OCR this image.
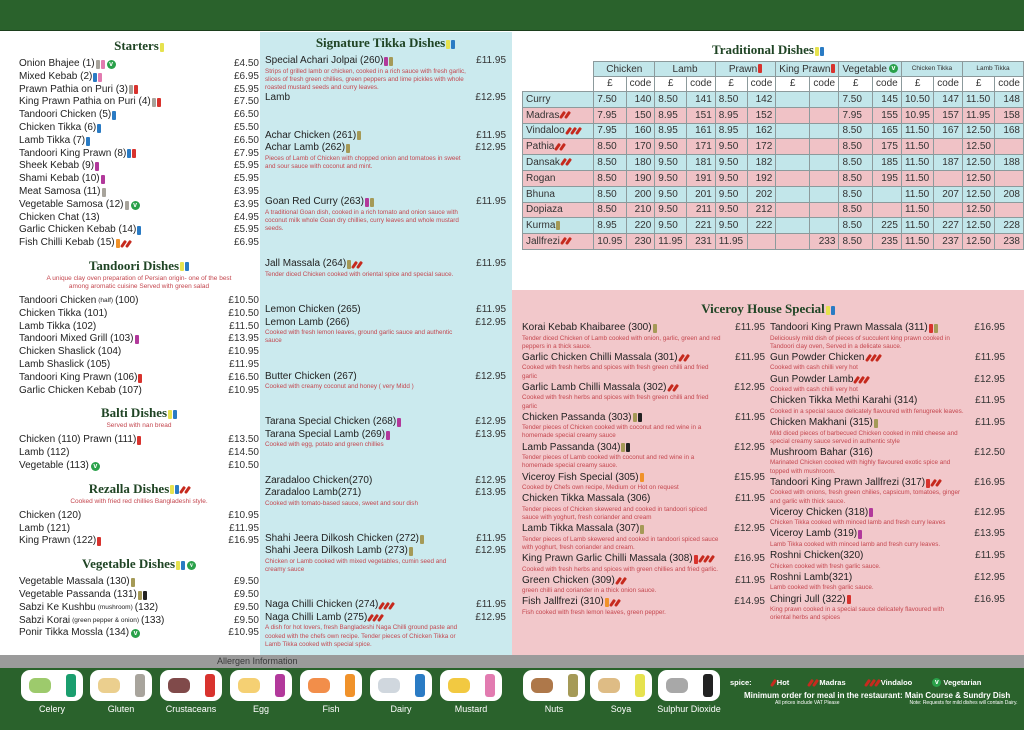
Starters
Onion Bhajee (1) v	£4.50
Mixed Kebab (2)	£6.95
Prawn Pathia on Puri (3)	£5.95
King Prawn Pathia on Puri (4)	£7.50
Tandoori Chicken (5)	£6.50
Chicken Tikka (6)	£5.50
Lamb Tikka (7)	£6.50
Tandoori King Prawn (8)	£7.95
Sheek Kebab (9)	£5.95
Shami Kebab (10)	£5.95
Meat Samosa (11)	£3.95
Vegetable Samosa (12) v	£3.95
Chicken Chat (13)	£4.95
Garlic Chicken Kebab (14)	£5.95
Fish Chilli Kebab (15)	£6.95
Tandoori Dishes
A unique clay oven preparation of Persian origin- one of the best among aromatic cuisine Served with green salad
Tandoori Chicken (half) (100)	£10.50
Chicken Tikka (101)	£10.50
Lamb Tikka (102)	£11.50
Tandoori Mixed Grill (103)	£13.95
Chicken Shaslick (104)	£10.95
Lamb Shaslick (105)	£11.95
Tandoori King Prawn (106)	£16.50
Garlic Chicken Kebab (107)	£10.95
Balti Dishes
Served with nan bread
Chicken (110) Prawn (111)	£13.50
Lamb (112)	£14.50
Vegetable (113) v	£10.50
Rezalla Dishes
Cooked with fried red chillies Bangladeshi style.
Chicken (120)	£10.95
Lamb (121)	£11.95
King Prawn (122)	£16.95
Vegetable Dishesv
Vegetable Massala (130)	£9.50
Vegetable Passanda (131)	£9.50
Sabzi Ke Kushbu (mushroom) (132)	£9.50
Sabzi Korai (green pepper & onion) (133)	£9.50
Ponir Tikka Mossla (134) v	£10.95
Signature Tikka Dishes
Special Achari Jolpai (260)	£11.95
Strips of grilled lamb or chicken, cooked in a rich sauce with fresh garlic, slices of fresh green chillies, green peppers and lime pickles with whole roasted mustard seeds and curry leaves.
Lamb	£12.95
Achar Chicken (261)	£11.95
Achar Lamb (262)	£12.95
Pieces of Lamb of Chicken with chopped onion and tomatoes in sweet and sour sauce with coconut and mint.
Goan Red Curry (263)	£11.95
A traditional Goan dish, cooked in a rich tomato and onion sauce with coconut milk whole Goan dry chillies, curry leaves and whole mustard seeds.
Jall Massala (264)	£11.95
Tender diced Chicken cooked with oriental spice and special sauce.
Lemon Chicken (265)	£11.95
Lemon Lamb (266)	£12.95
Cooked with fresh lemon leaves, ground garlic sauce and authentic sauce
Butter Chicken (267)	£12.95
Cooked with creamy coconut and honey ( very Midd )
Tarana Special Chicken (268)	£12.95
Tarana Special Lamb (269)	£13.95
Cooked with egg, potato and green chillies
Zaradaloo Chicken(270)	£12.95
Zaradaloo Lamb(271)	£13.95
Cooked with tomato-based sauce, sweet and sour dish
Shahi Jeera Dilkosh Chicken (272)	£11.95
Shahi Jeera Dilkosh Lamb (273)	£12.95
Chicken or Lamb cooked with mixed vegetables, cumin seed and creamy sauce
Naga Chilli Chicken (274)	£11.95
Naga Chilli Lamb (275)	£12.95
A dish for hot lovers, fresh Bangladeshi Naga Chilli ground paste and cooked with the chefs own recipe. Tender pieces of Chicken Tikka or Lamb Tikka cooked with special spice.
Traditional Dishes
	Chicken		Lamb		Prawn		King Prawn		Vegetablev		Chicken Tikka		Lamb Tikka	
	£	code	£	code	£	code	£	code	£	code	£	code	£	code
Curry	7.50	140	8.50	141	8.50	142			7.50	145	10.50	147	11.50	148
Madras	7.95	150	8.95	151	8.95	152			7.95	155	10.95	157	11.95	158
Vindaloo	7.95	160	8.95	161	8.95	162			8.50	165	11.50	167	12.50	168
Pathia	8.50	170	9.50	171	9.50	172			8.50	175	11.50		12.50	
Dansak	8.50	180	9.50	181	9.50	182			8.50	185	11.50	187	12.50	188
Rogan	8.50	190	9.50	191	9.50	192			8.50	195	11.50		12.50	
Bhuna	8.50	200	9.50	201	9.50	202			8.50		11.50	207	12.50	208
Dopiaza	8.50	210	9.50	211	9.50	212			8.50		11.50		12.50	
Kurma	8.95	220	9.50	221	9.50	222			8.50	225	11.50	227	12.50	228
Jallfrezi	10.95	230	11.95	231	11.95			233	8.50	235	11.50	237	12.50	238
Viceroy House Special
Korai Kebab Khaibaree (300)	£11.95
Tender diced Chicken of Lamb cooked with onion, garlic, green and red peppers in a thick sauce.
Garlic Chicken Chilli Massala (301)	£11.95
Cooked with fresh herbs and spices with fresh green chilli and fried garlic
Garlic Lamb Chilli Massala (302)	£12.95
Cooked with fresh herbs and spices with fresh green chilli and fried garlic
Chicken Passanda (303)	£11.95
Tender pieces of Chicken cooked with coconut and red wine in a homemade special creamy sauce
Lamb Passanda (304)	£12.95
Tender pieces of Lamb cooked with coconut and red wine in a homemade special creamy sauce.
Viceroy Fish Special (305)	£15.95
Cooked by Chefs own recipe, Medium or Hot on request
Chicken Tikka Massala (306)	£11.95
Tender pieces of Chicken skewered and cooked in tandoori spiced sauce with yoghurt, fresh coriander and cream
Lamb Tikka Massala (307)	£12.95
Tender pieces of Lamb skewered and cooked in tandoori spiced sauce with yoghurt, fresh coriander and cream.
King Prawn Garlic Chilli Massala (308)	£16.95
Cooked with fresh herbs and spices with green chillies and fried garlic.
Green Chicken (309)	£11.95
green chilli and coriander in a thick onion sauce.
Fish Jallfrezi (310)	£14.95
Fish cooked with fresh lemon leaves, green pepper.
Tandoori King Prawn Massala (311)	£16.95
Deliciously mild dish of pieces of succulent king prawn cooked in Tandoori clay oven, Served in a delicate sauce.
Gun Powder Chicken	£11.95
Cooked with cash chilli very hot
Gun Powder Lamb	£12.95
Cooked with cash chilli very hot
Chicken Tikka Methi Karahi (314)	£11.95
Cooked in a special sauce delicately flavoured with fenugreek leaves.
Chicken Makhani (315)	£11.95
Mild diced pieces of barbecued Chicken cooked in mild cheese and special creamy sauce served in authentic style
Mushroom Bahar (316)	£12.50
Marinated Chicken cooked with highly flavoured exotic spice and topped with mushroom.
Tandoori King Prawn Jallfrezi (317)	£16.95
Cooked with onions, fresh green chilies, capsicum, tomatoes, ginger and garlic with thick sauce.
Viceroy Chicken (318)	£12.95
Chicken Tikka cooked with minced lamb and fresh curry leaves
Viceroy Lamb (319)	£13.95
Lamb Tikka cooked with minced lamb and fresh curry leaves.
Roshni Chicken(320)	£11.95
Chicken cooked with fresh garlic sauce.
Roshni Lamb(321)	£12.95
Lamb cooked with fresh garlic sauce.
Chingri Jull (322)	£16.95
King prawn cooked in a special sauce delicately flavoured with oriental herbs and spices
Allergen Information
Celery	Gluten	Crustaceans	Egg	Fish	Dairy	Mustard	Nuts	Soya	Sulphur Dioxide
spice:
	Hot
	Madras
	Vindaloo v
	Vegetarian
Minimum order for meal in the restaurant: Main Course & Sundry Dish
All prices include VAT Please	Note: Requests for mild dishes will contain Dairy.
